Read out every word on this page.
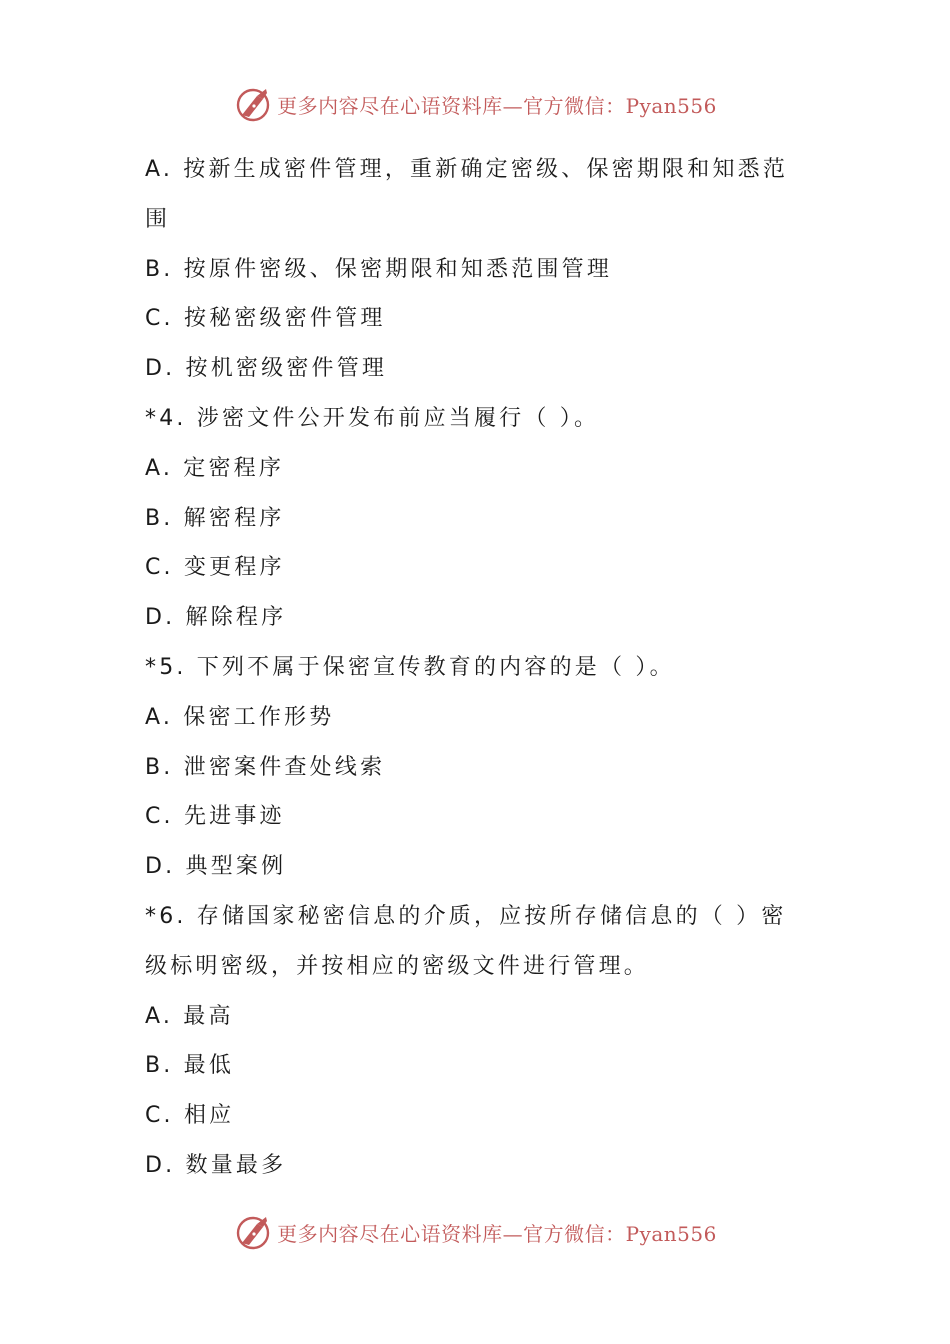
更多内容尽在心语资料库—官方微信：Pyan556
A. 按新生成密件管理，重新确定密级、保密期限和知悉范
围
B. 按原件密级、保密期限和知悉范围管理
C. 按秘密级密件管理
D. 按机密级密件管理
*4. 涉密文件公开发布前应当履行（ ）。
A. 定密程序
B. 解密程序
C. 变更程序
D. 解除程序
*5. 下列不属于保密宣传教育的内容的是（ ）。
A. 保密工作形势
B. 泄密案件查处线索
C. 先进事迹
D. 典型案例
*6. 存储国家秘密信息的介质，应按所存储信息的（ ）密
级标明密级，并按相应的密级文件进行管理。
A. 最高
B. 最低
C. 相应
D. 数量最多
更多内容尽在心语资料库—官方微信：Pyan556
